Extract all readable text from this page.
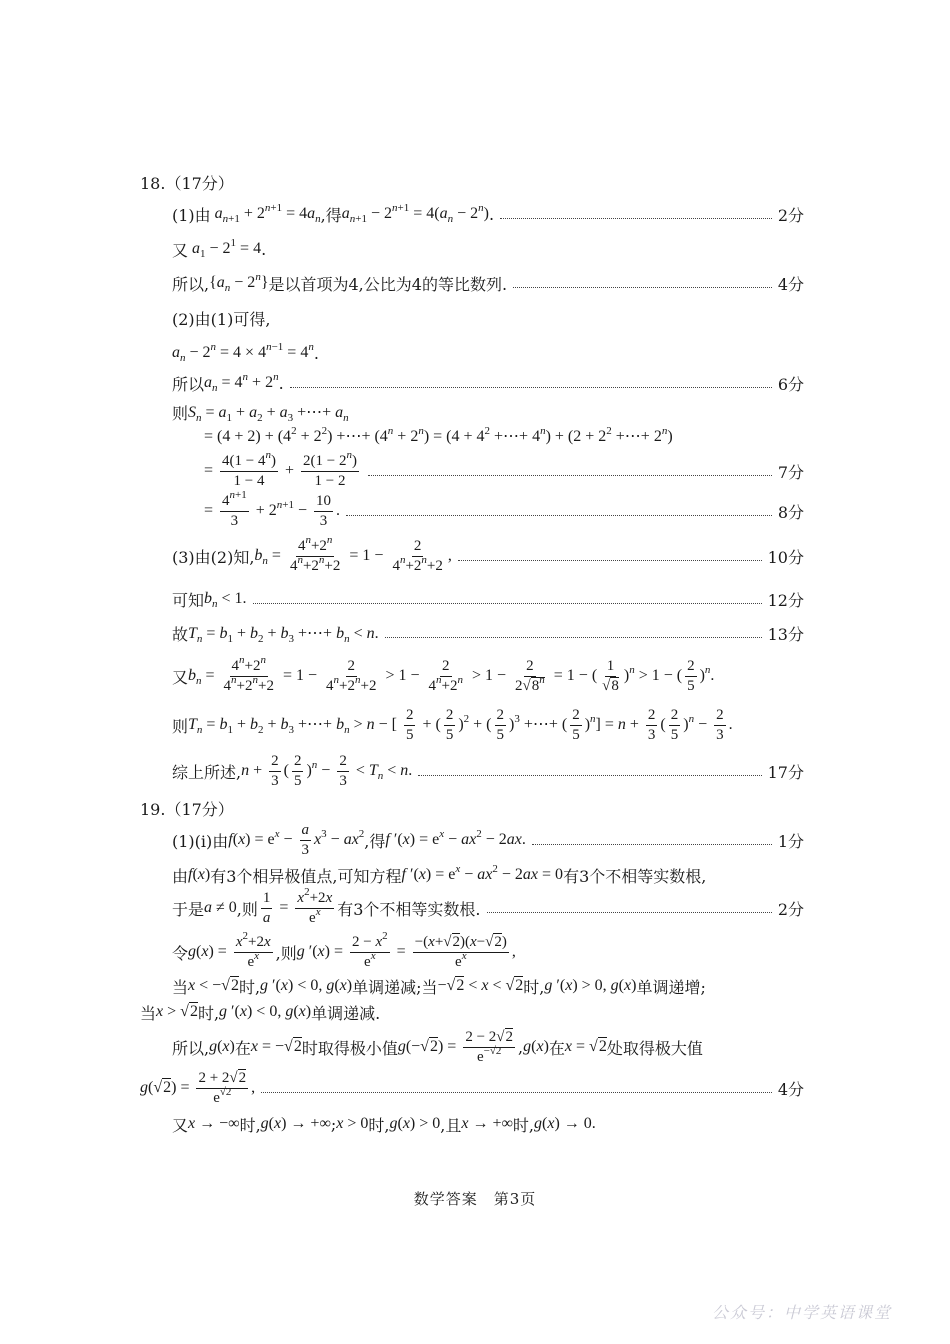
18.（17分）
(1)由 $a_{n+1} + 2^{n+1} = 4a_n$ ,得 $a_{n+1} - 2^{n+1} = 4(a_n - 2^n)$ .	2分
又 $a_1 - 2^1 = 4$ .
所以, $\{a_n - 2^n\}$ 是以首项为4,公比为4的等比数列.	4分
(2)由(1)可得,
$a_n - 2^n = 4 \times 4^{n-1} = 4^n$ .
所以 $a_n = 4^n + 2^n$ .	6分
则 $S_n = a_1 + a_2 + a_3$ +⋯+ $a_n$
= $(4 + 2) + (4^2 + 2^2)$ +⋯+ $(4^n + 2^n) = (4 + 4^2$ +⋯+ $4^n) + (2 + 2^2$ +⋯+ $2^n$)
= $\frac{4(1 - 4^n)}{1 - 4} + \frac{2(1 - 2^n)}{1 - 2}$	7分
= $\frac{4^{n+1}}{3} + 2^{n+1} - \frac{10}{3}$ .	8分
(3)由(2)知, $b_n = \frac{4^n+2^n}{4^n+2^n+2} = 1 - \frac{2}{4^n+2^n+2}$ ,	10分
可知 $b_n < 1$.	12分
故 $T_n = b_1 + b_2 + b_3$ +⋯+ $b_n < n$.	13分
又 $b_n = \frac{4^n+2^n}{4^n+2^n+2} = 1 - \frac{2}{4^n+2^n+2} > 1 - \frac{2}{4^n+2^n} > 1 - \frac{2}{2√8^n} = 1$ − ( $\frac{1}{√8} )^n > 1$ − ( $\frac{2}{5} )^n$.
则 $T_n = b_1 + b_2 + b_3$ +⋯+ $b_n > n$ − [ $\frac{2}{5}$ + ( $\frac{2}{5} )^2$ + ( $\frac{2}{5} )^3$ +⋯+ ( $\frac{2}{5} )^n] = n + \frac{2}{3}$ ( $\frac{2}{5} )^n - \frac{2}{3}$ .
综上所述, $n + \frac{2}{3}$ ( $\frac{2}{5} )^n - \frac{2}{3} < T_n < n$.	17分
19.（17分）
(1)(ⅰ)由 $f(x) = e^x - \frac{a}{3} x^3 - ax^2$ ,得 f $'(x) = e^x - ax^2 - 2ax$.	1分
由 f(x) 有3个相异极值点,可知方程 f $'(x) = e^x - ax^2 - 2ax = 0$ 有3个不相等实数根,
于是 a ≠ 0 ,则 $\frac{1}{a} = \frac{x^2+2x}{e^x}$ 有3个不相等实数根.	2分
令 $g(x) = \frac{x^2+2x}{e^x}$ ,则 g $'(x) = \frac{2 - x^2}{e^x} = \frac{-(x+√2)(x-√2)}{e^x}$ ,
当 x < −√2 时, g ′(x) < 0, g(x) 单调递减;当 −√2 < x < √2 时, g ′(x) > 0, g(x) 单调递增;
当 x > √2 时, g ′(x) < 0, g(x) 单调递减.
所以, g(x) 在 x = −√2 时取得极小值 $g(-√2) = \frac{2 - 2√2}{e^{-√2}}$ , g(x) 在 x = √2 处取得极大值
$g(√2) = \frac{2 + 2√2}{e^{√2}}$ ,	4分
又 x → −∞ 时, g(x) → +∞ ; x > 0 时, g(x) > 0 ,且 x → +∞ 时, g(x) → 0.
数学答案　第3页
公众号：中学英语课堂
